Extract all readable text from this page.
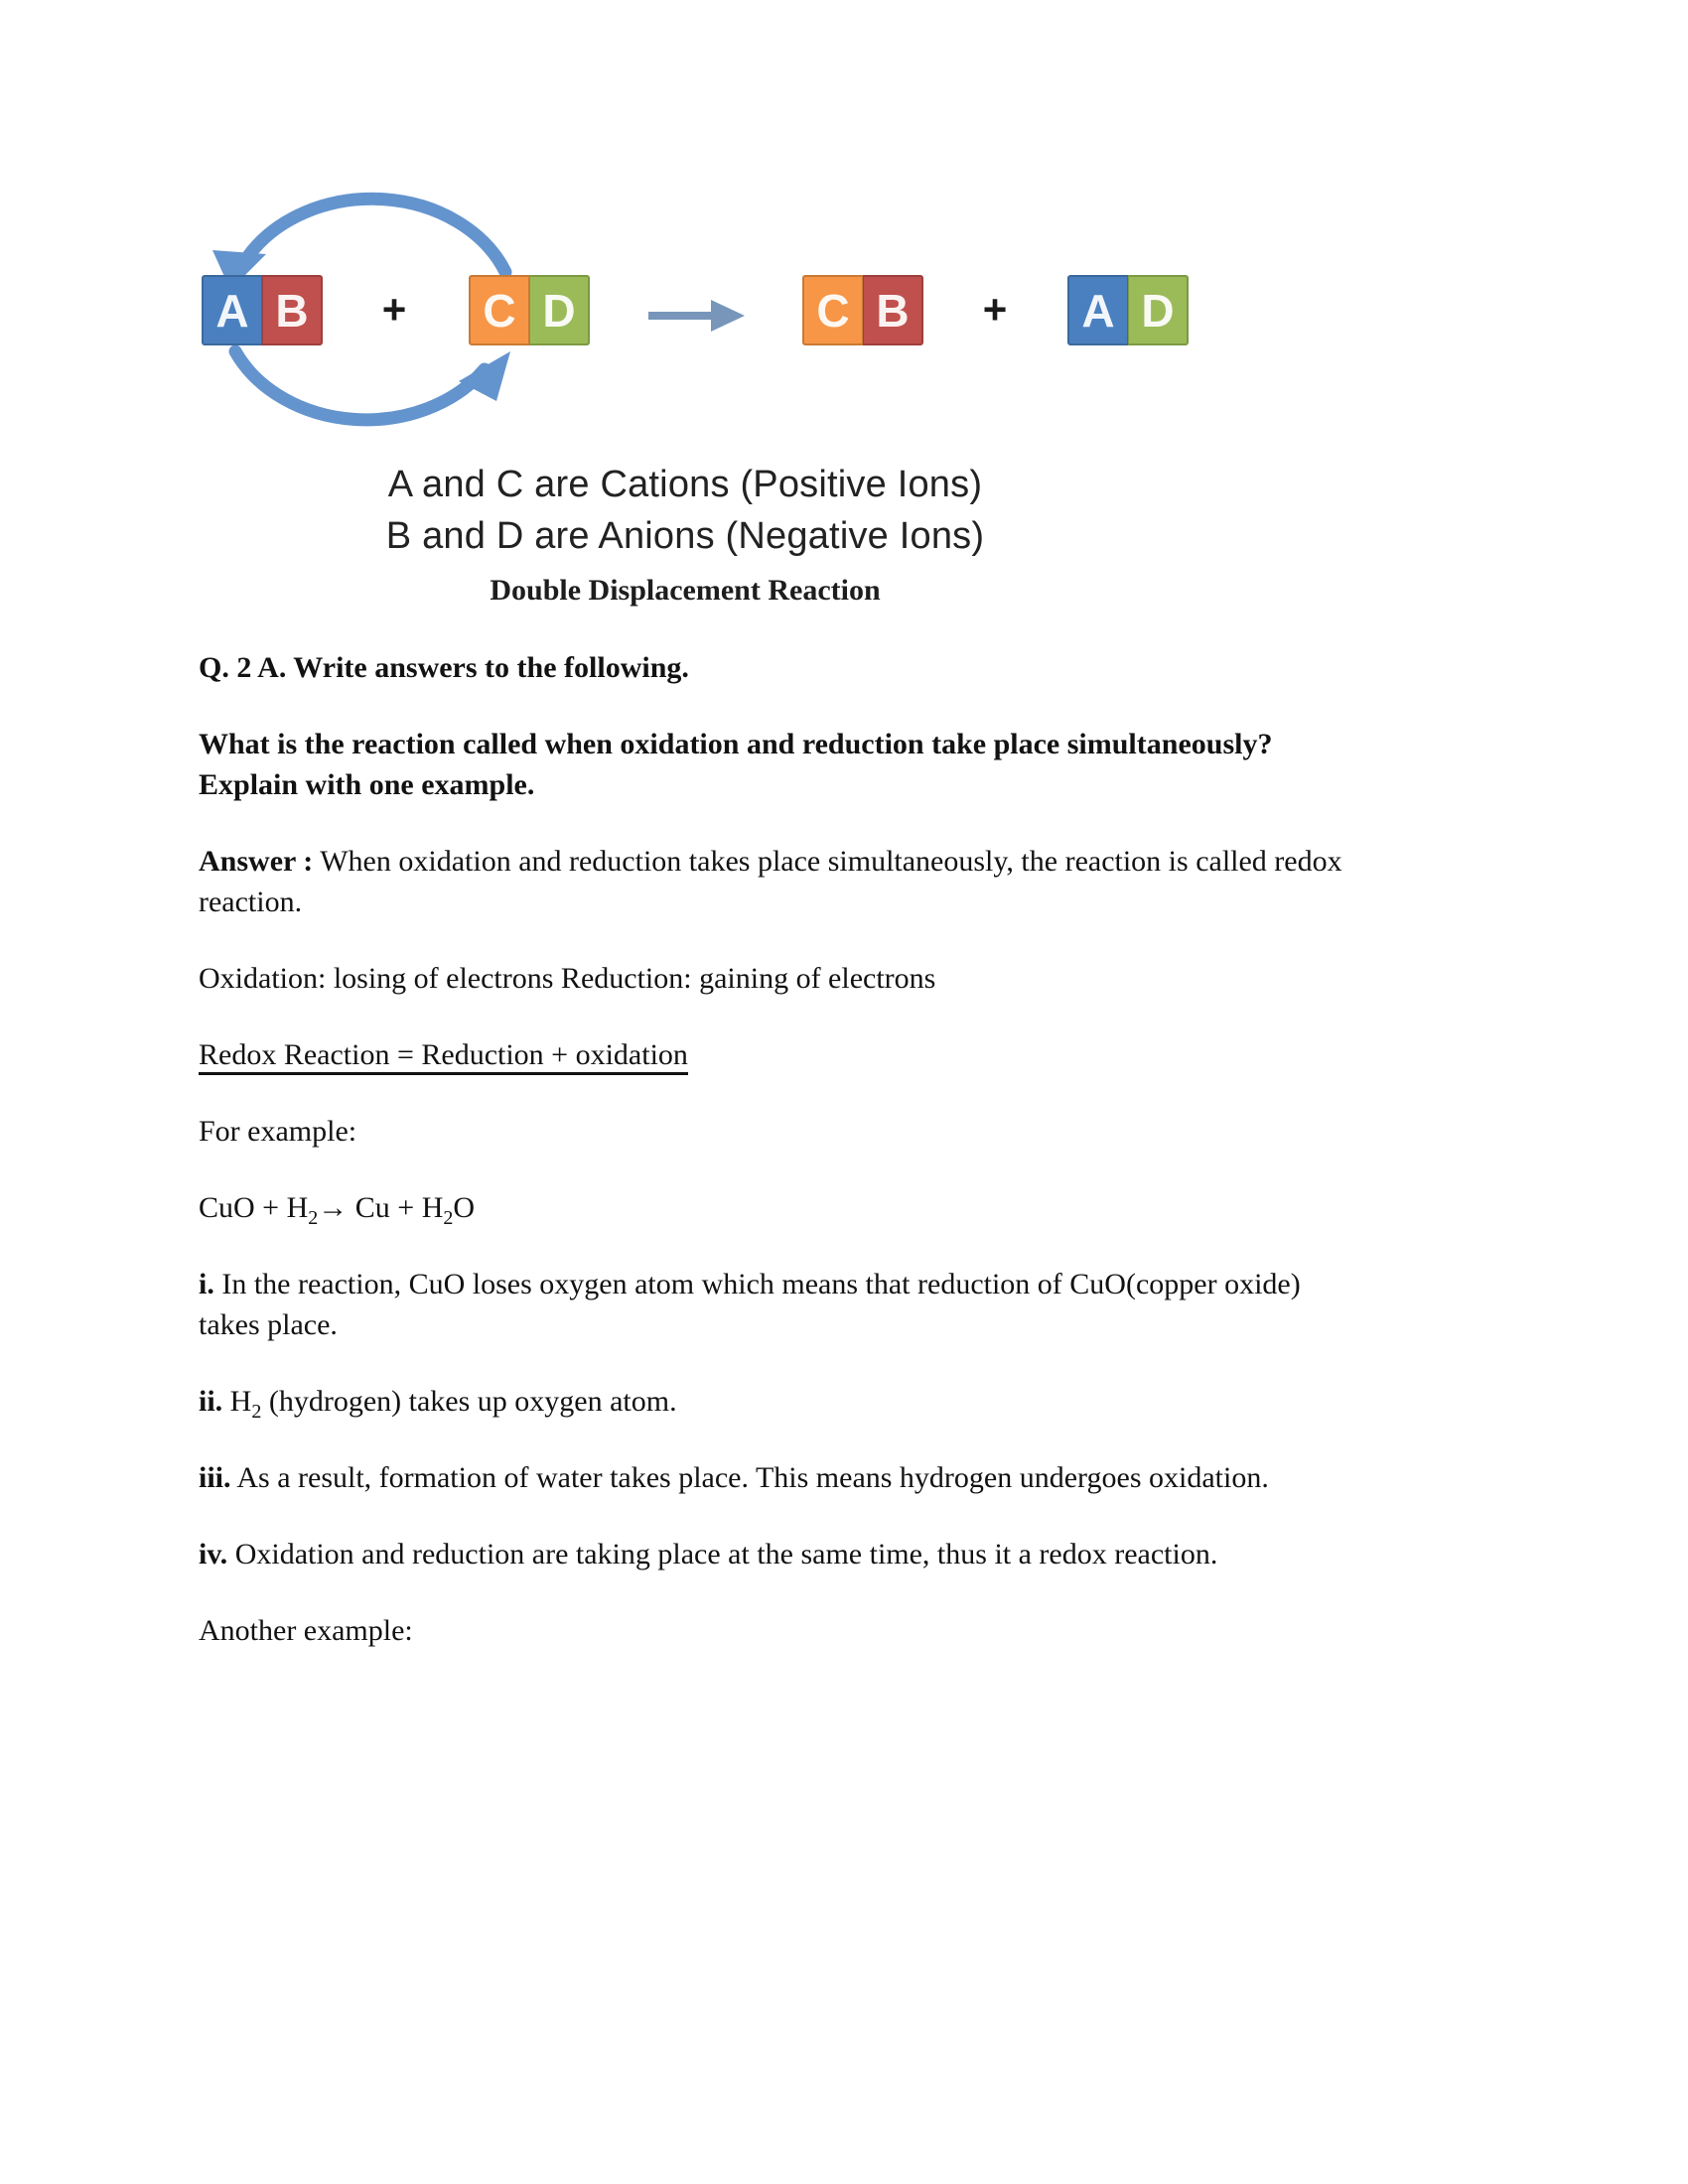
A B	+	C D	C B	+	A D
A and C are Cations (Positive Ions)
B and D are Anions (Negative Ions)
Double Displacement Reaction

Q. 2 A. Write answers to the following.

What is the reaction called when oxidation and reduction take place simultaneously?
Explain with one example.

Answer : When oxidation and reduction takes place simultaneously, the reaction is called redox
reaction.

Oxidation: losing of electrons Reduction: gaining of electrons

Redox Reaction = Reduction + oxidation

For example:

CuO + $H_2\to Cu + H_2O$

i. In the reaction, CuO loses oxygen atom which means that reduction of CuO(copper oxide)
takes place.

ii. $H_2$ (hydrogen) takes up oxygen atom.

iii. As a result, formation of water takes place. This means hydrogen undergoes oxidation.

iv. Oxidation and reduction are taking place at the same time, thus it a redox reaction.

Another example:
